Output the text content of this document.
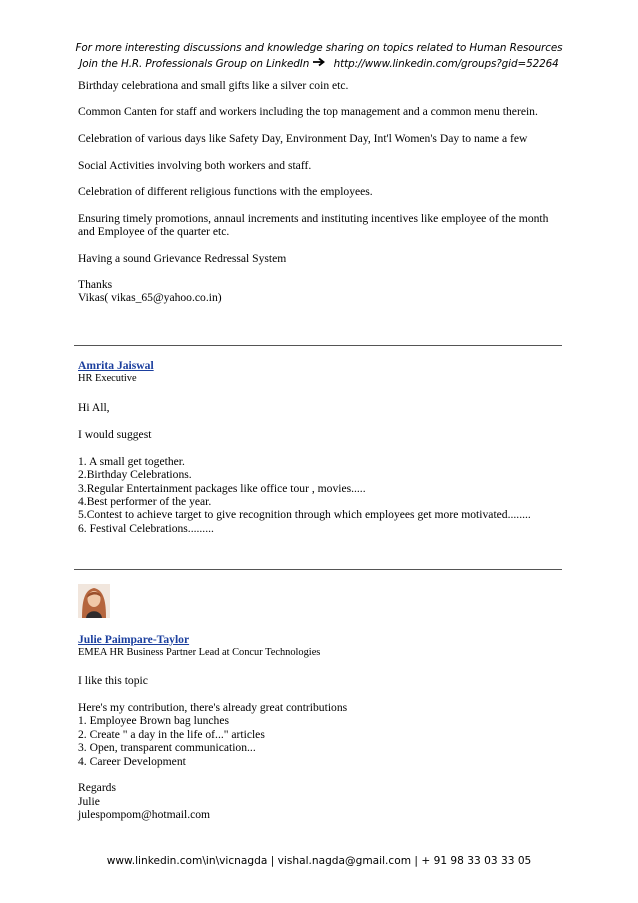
For more interesting discussions and knowledge sharing on topics related to Human Resources
Join the H.R. Professionals Group on LinkedIn http://www.linkedin.com/groups?gid=52264
Birthday celebrationa and small gifts like a silver coin etc.
Common Canten for staff and workers including the top management and a common menu therein.
Celebration of various days like Safety Day, Environment Day, Int'l Women's Day to name a few
Social Activities involving both workers and staff.
Celebration of different religious functions with the employees.
Ensuring timely promotions, annaul increments and instituting incentives like employee of the month
and Employee of the quarter etc.
Having a sound Grievance Redressal System
Thanks
Vikas( vikas_65@yahoo.co.in)
Amrita Jaiswal
HR Executive
Hi All,
I would suggest
1. A small get together.
2.Birthday Celebrations.
3.Regular Entertainment packages like office tour , movies.....
4.Best performer of the year.
5.Contest to achieve target to give recognition through which employees get more motivated........
6. Festival Celebrations.........
Julie Paimpare-Taylor
EMEA HR Business Partner Lead at Concur Technologies
I like this topic
Here's my contribution, there's already great contributions
1. Employee Brown bag lunches
2. Create " a day in the life of..." articles
3. Open, transparent communication...
4. Career Development
Regards
Julie
julespompom@hotmail.com
www.linkedin.com\in\vicnagda | vishal.nagda@gmail.com | + 91 98 33 03 33 05
